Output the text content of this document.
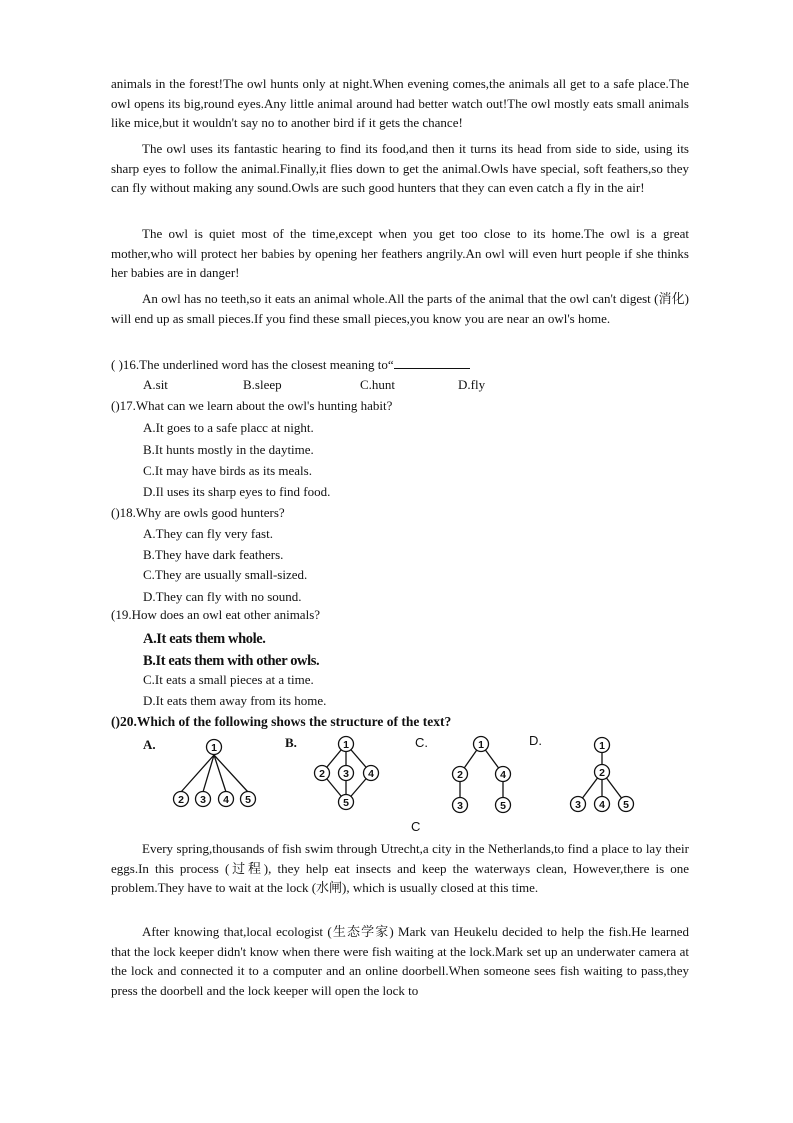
animals in the forest!The owl hunts only at night.When evening comes,the animals all get to a safe place.The owl opens its big,round eyes.Any little animal around had better watch out!The owl mostly eats small animals like mice,but it wouldn't say no to another bird if it gets the chance!

The owl uses its fantastic hearing to find its food,and then it turns its head from side to side, using its sharp eyes to follow the animal.Finally,it flies down to get the animal.Owls have special, soft feathers,so they can fly without making any sound.Owls are such good hunters that they can even catch a fly in the air!

The owl is quiet most of the time,except when you get too close to its home.The owl is a great mother,who will protect her babies by opening her feathers angrily.An owl will even hurt people if she thinks her babies are in danger!

An owl has no teeth,so it eats an animal whole.All the parts of the animal that the owl can't digest (消化) will end up as small pieces.If you find these small pieces,you know you are near an owl's home.

( )16.The underlined word has the closest meaning to“
A.sit	B.sleep	C.hunt	D.fly
()17.What can we learn about the owl's hunting habit?
A.It goes to a safe placc at night.
B.It hunts mostly in the daytime.
C.It may have birds as its meals.
D.Il uses its sharp eyes to find food.
()18.Why are owls good hunters?
A.They can fly very fast.
B.They have dark feathers.
C.They are usually small-sized.
D.They can fly with no sound.
(19.How does an owl eat other animals?
A.It eats them whole.
B.It eats them with other owls.
C.It eats a small pieces at a time.
D.It eats them away from its home.
()20.Which of the following shows the structure of the text?
A.	B.	C.	D.
1
2 3 4 5
1
2 3 4
5
1
2	4
3	5
1
2
3 4 5
C

Every spring,thousands of fish swim through Utrecht,a city in the Netherlands,to find a place to lay their eggs.In this process (过程), they help eat insects and keep the waterways clean, However,there is one problem.They have to wait at the lock (水闸), which is usually closed at this time.

After knowing that,local ecologist (生态学家) Mark van Heukelu decided to help the fish.He learned that the lock keeper didn't know when there were fish waiting at the lock.Mark set up an underwater camera at the lock and connected it to a computer and an online doorbell.When someone sees fish waiting to pass,they press the doorbell and the lock keeper will open the lock to
